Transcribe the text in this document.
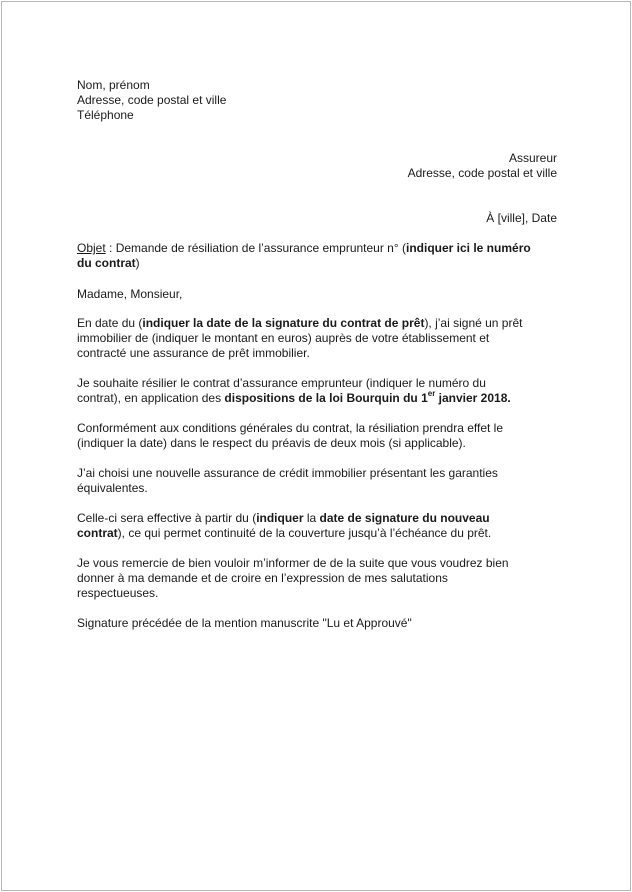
Nom, prénom
Adresse, code postal et ville
Téléphone
Assureur
Adresse, code postal et ville
À [ville], Date
Objet : Demande de résiliation de l’assurance emprunteur n° (indiquer ici le numéro
du contrat)
Madame, Monsieur,
En date du (indiquer la date de la signature du contrat de prêt), j’ai signé un prêt
immobilier de (indiquer le montant en euros) auprès de votre établissement et
contracté une assurance de prêt immobilier.
Je souhaite résilier le contrat d’assurance emprunteur (indiquer le numéro du
contrat), en application des dispositions de la loi Bourquin du 1er janvier 2018.
Conformément aux conditions générales du contrat, la résiliation prendra effet le
(indiquer la date) dans le respect du préavis de deux mois (si applicable).
J’ai choisi une nouvelle assurance de crédit immobilier présentant les garanties
équivalentes.
Celle-ci sera effective à partir du (indiquer la date de signature du nouveau
contrat), ce qui permet continuité de la couverture jusqu’à l’échéance du prêt.
Je vous remercie de bien vouloir m’informer de de la suite que vous voudrez bien
donner à ma demande et de croire en l’expression de mes salutations
respectueuses.
Signature précédée de la mention manuscrite "Lu et Approuvé"
